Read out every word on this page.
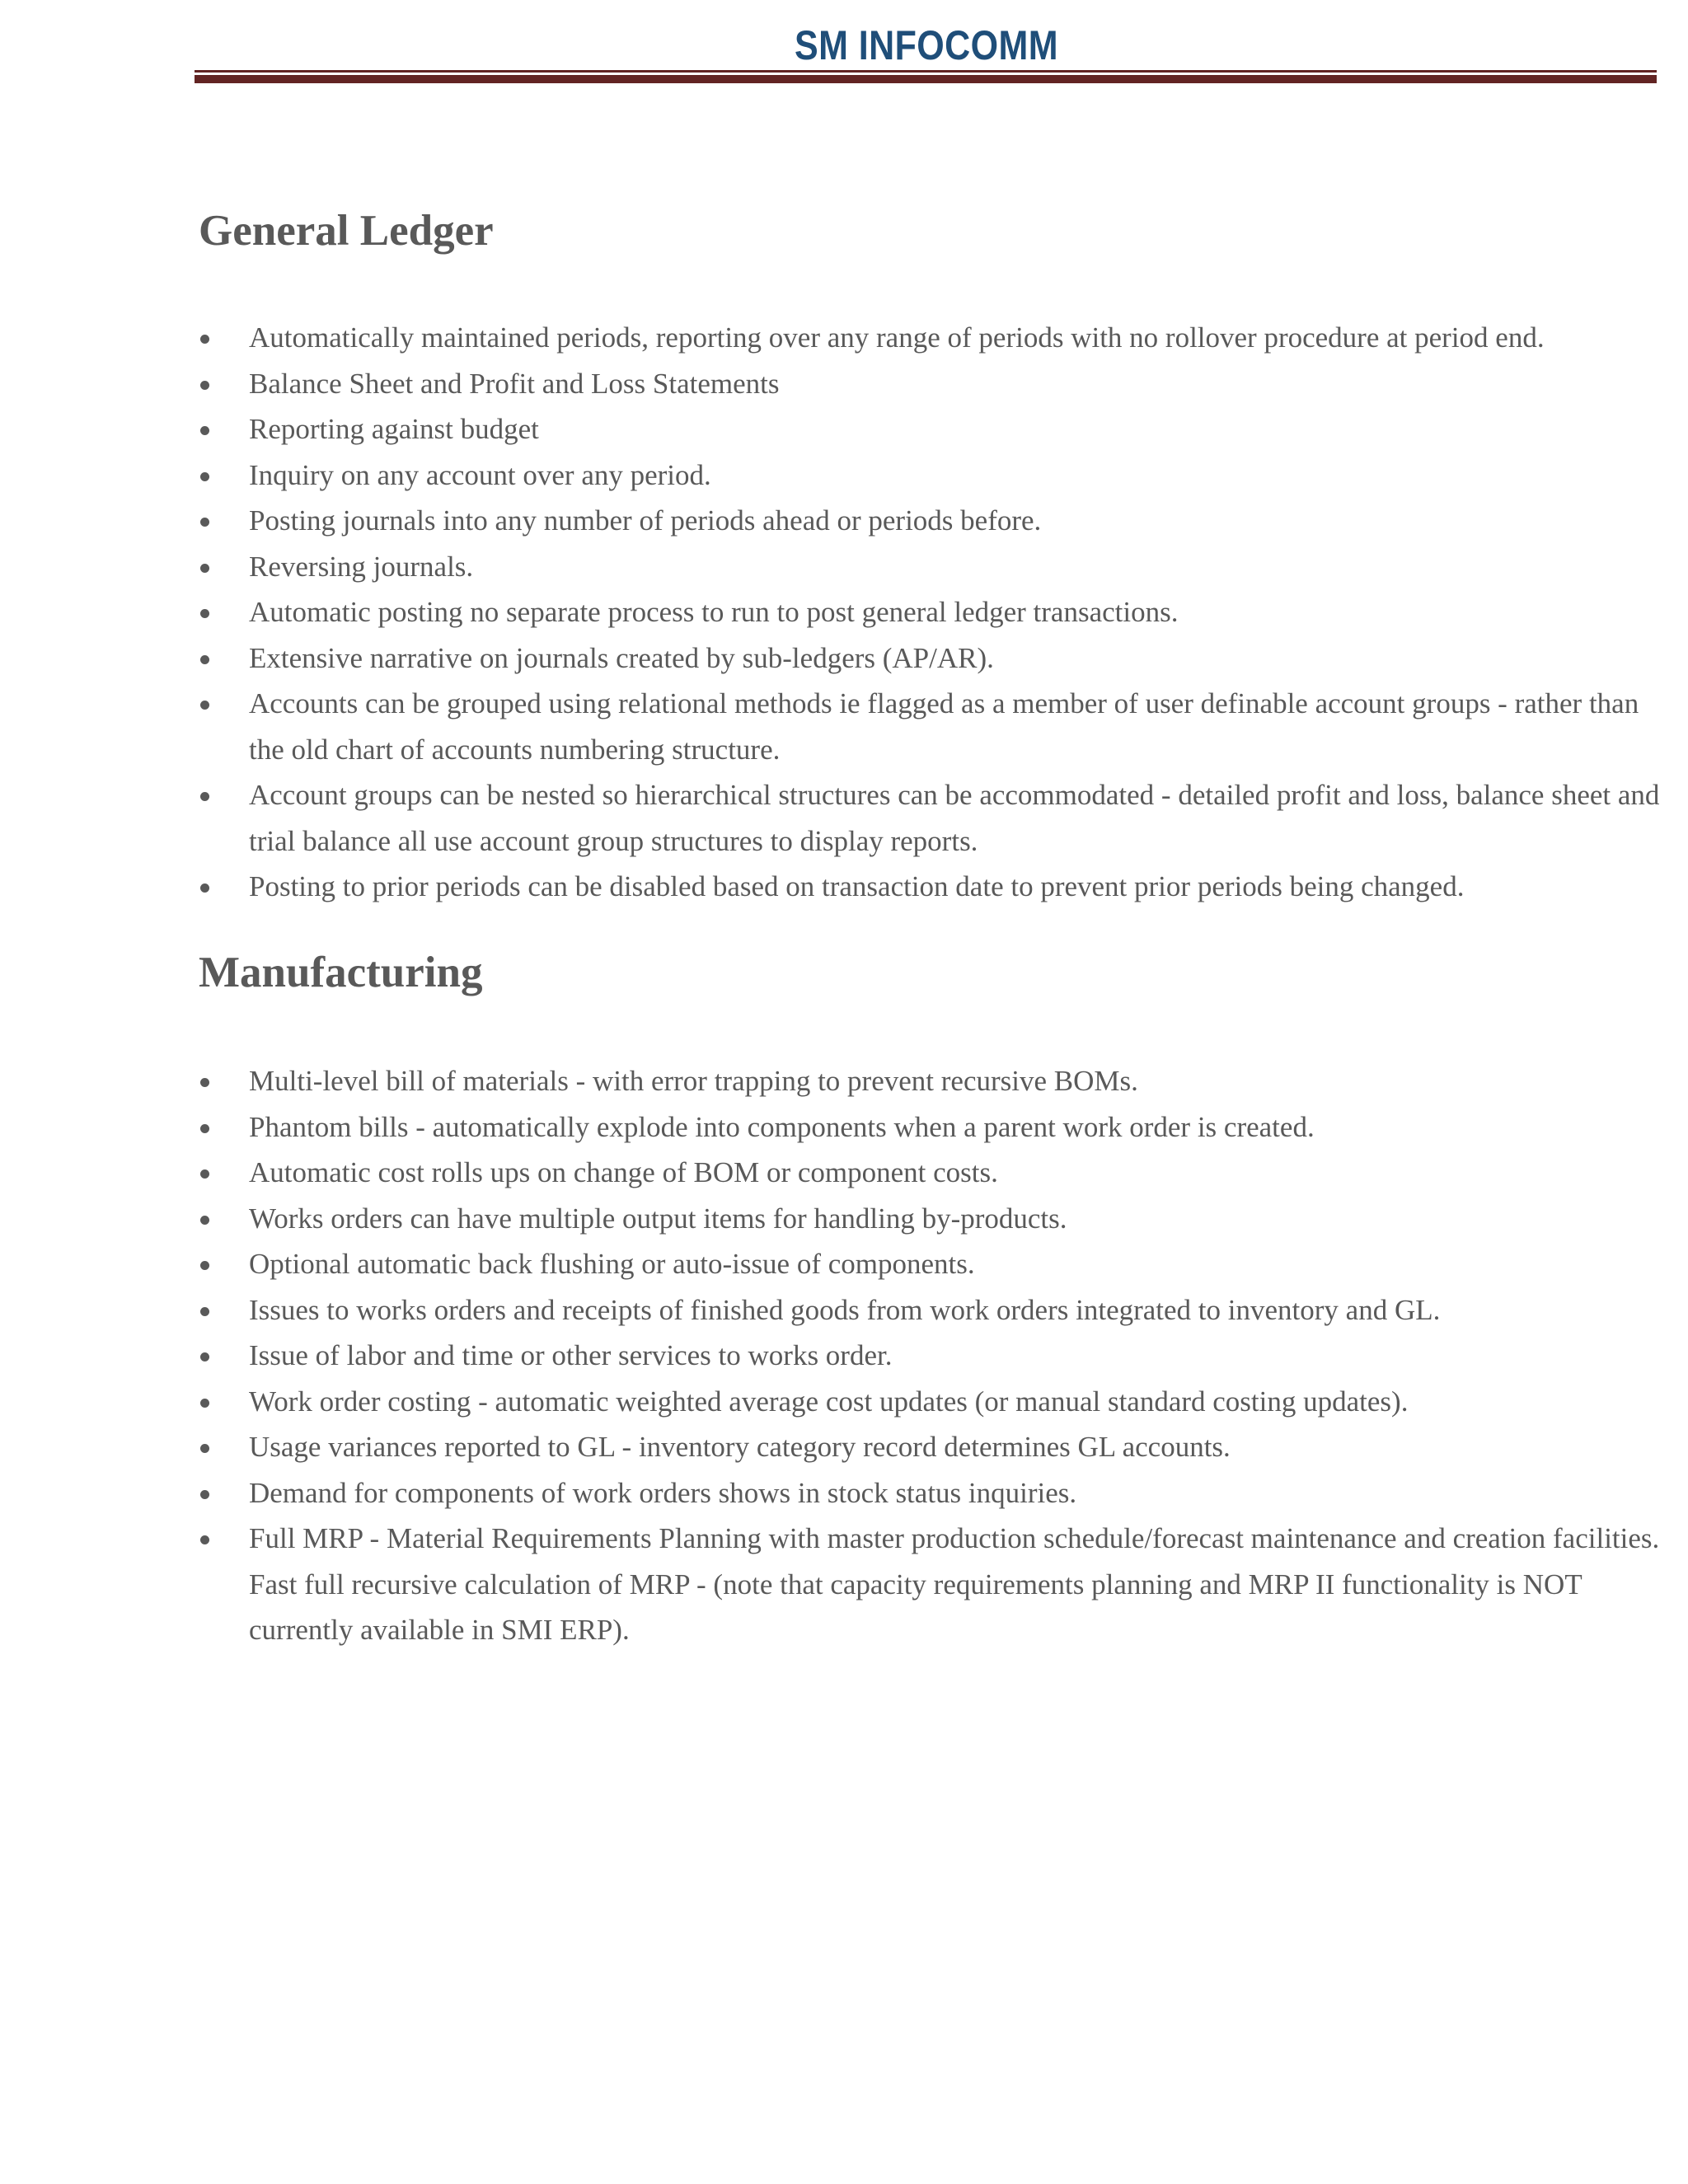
SM INFOCOMM
General Ledger
Automatically maintained periods, reporting over any range of periods with no rollover procedure at period end.
Balance Sheet and Profit and Loss Statements
Reporting against budget
Inquiry on any account over any period.
Posting journals into any number of periods ahead or periods before.
Reversing journals.
Automatic posting no separate process to run to post general ledger transactions.
Extensive narrative on journals created by sub-ledgers (AP/AR).
Accounts can be grouped using relational methods ie flagged as a member of user definable account groups - rather than the old chart of accounts numbering structure.
Account groups can be nested so hierarchical structures can be accommodated - detailed profit and loss, balance sheet and trial balance all use account group structures to display reports.
Posting to prior periods can be disabled based on transaction date to prevent prior periods being changed.
Manufacturing
Multi-level bill of materials - with error trapping to prevent recursive BOMs.
Phantom bills - automatically explode into components when a parent work order is created.
Automatic cost rolls ups on change of BOM or component costs.
Works orders can have multiple output items for handling by-products.
Optional automatic back flushing or auto-issue of components.
Issues to works orders and receipts of finished goods from work orders integrated to inventory and GL.
Issue of labor and time or other services to works order.
Work order costing - automatic weighted average cost updates (or manual standard costing updates).
Usage variances reported to GL - inventory category record determines GL accounts.
Demand for components of work orders shows in stock status inquiries.
Full MRP - Material Requirements Planning with master production schedule/forecast maintenance and creation facilities. Fast full recursive calculation of MRP - (note that capacity requirements planning and MRP II functionality is NOT currently available in SMI ERP).
